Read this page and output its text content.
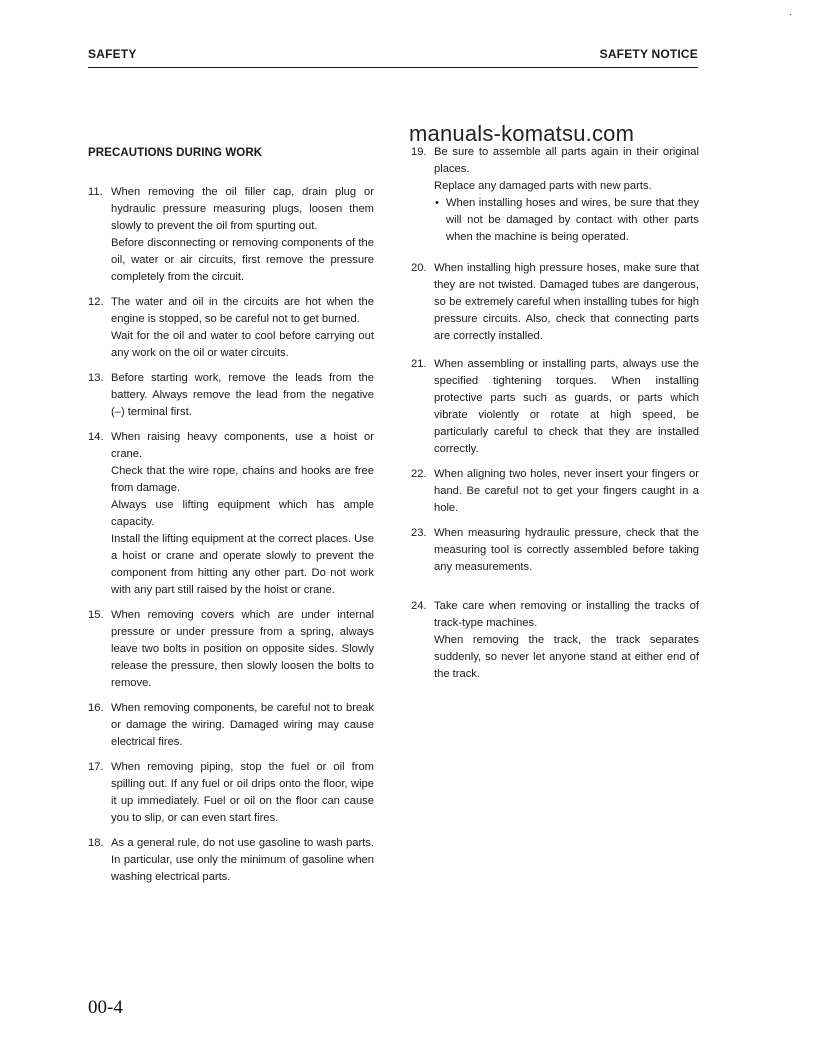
SAFETY	SAFETY NOTICE
manuals-komatsu.com
PRECAUTIONS DURING WORK
11. When removing the oil filler cap, drain plug or hydraulic pressure measuring plugs, loosen them slowly to prevent the oil from spurting out.

Before disconnecting or removing components of the oil, water or air circuits, first remove the pressure completely from the circuit.

12. The water and oil in the circuits are hot when the engine is stopped, so be careful not to get burned.

Wait for the oil and water to cool before carrying out any work on the oil or water circuits.

13. Before starting work, remove the leads from the battery. Always remove the lead from the negative (–) terminal first.

14. When raising heavy components, use a hoist or crane.

Check that the wire rope, chains and hooks are free from damage.

Always use lifting equipment which has ample capacity.

Install the lifting equipment at the correct places. Use a hoist or crane and operate slowly to prevent the component from hitting any other part. Do not work with any part still raised by the hoist or crane.

15. When removing covers which are under internal pressure or under pressure from a spring, always leave two bolts in position on opposite sides. Slowly release the pressure, then slowly loosen the bolts to remove.

16. When removing components, be careful not to break or damage the wiring. Damaged wiring may cause electrical fires.

17. When removing piping, stop the fuel or oil from spilling out. If any fuel or oil drips onto the floor, wipe it up immediately. Fuel or oil on the floor can cause you to slip, or can even start fires.

18. As a general rule, do not use gasoline to wash parts. In particular, use only the minimum of gasoline when washing electrical parts.

19. Be sure to assemble all parts again in their original places.

Replace any damaged parts with new parts.

• When installing hoses and wires, be sure that they will not be damaged by contact with other parts when the machine is being operated.

20. When installing high pressure hoses, make sure that they are not twisted. Damaged tubes are dangerous, so be extremely careful when installing tubes for high pressure circuits. Also, check that connecting parts are correctly installed.

21. When assembling or installing parts, always use the specified tightening torques. When installing protective parts such as guards, or parts which vibrate violently or rotate at high speed, be particularly careful to check that they are installed correctly.

22. When aligning two holes, never insert your fingers or hand. Be careful not to get your fingers caught in a hole.

23. When measuring hydraulic pressure, check that the measuring tool is correctly assembled before taking any measurements.

24. Take care when removing or installing the tracks of track-type machines.

When removing the track, the track separates suddenly, so never let anyone stand at either end of the track.

00-4
